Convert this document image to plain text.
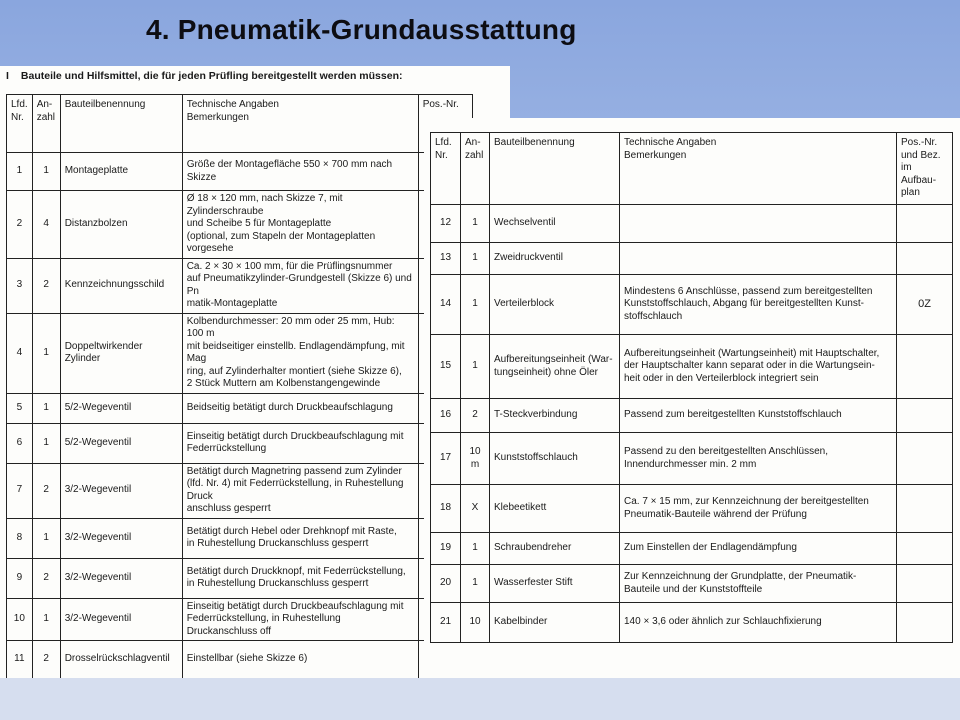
4. Pneumatik-Grundausstattung
I Bauteile und Hilfsmittel, die für jeden Prüfling bereitgestellt werden müssen:
Lfd.
Nr.	An-
zahl	Bauteilbenennung	Technische Angaben
Bemerkungen	Pos.-Nr.
1	1	Montageplatte	Größe der Montagefläche 550 × 700 mm nach Skizze	
2	4	Distanzbolzen	Ø 18 × 120 mm, nach Skizze 7, mit Zylinderschraube
und Scheibe 5 für Montageplatte
(optional, zum Stapeln der Montageplatten vorgesehe	
3	2	Kennzeichnungsschild	Ca. 2 × 30 × 100 mm, für die Prüflingsnummer
auf Pneumatikzylinder-Grundgestell (Skizze 6) und Pn
matik-Montageplatte	
4	1	Doppeltwirkender
Zylinder	Kolbendurchmesser: 20 mm oder 25 mm, Hub: 100 m
mit beidseitiger einstellb. Endlagendämpfung, mit Mag
ring, auf Zylinderhalter montiert (siehe Skizze 6),
2 Stück Muttern am Kolbenstangengewinde	
5	1	5/2-Wegeventil	Beidseitig betätigt durch Druckbeaufschlagung	
6	1	5/2-Wegeventil	Einseitig betätigt durch Druckbeaufschlagung mit
Federrückstellung	
7	2	3/2-Wegeventil	Betätigt durch Magnetring passend zum Zylinder
(lfd. Nr. 4) mit Federrückstellung, in Ruhestellung Druck
anschluss gesperrt	
8	1	3/2-Wegeventil	Betätigt durch Hebel oder Drehknopf mit Raste,
in Ruhestellung Druckanschluss gesperrt	
9	2	3/2-Wegeventil	Betätigt durch Druckknopf, mit Federrückstellung,
in Ruhestellung Druckanschluss gesperrt	
10	1	3/2-Wegeventil	Einseitig betätigt durch Druckbeaufschlagung mit
Federrückstellung, in Ruhestellung Druckanschluss off	
11	2	Drosselrückschlagventil	Einstellbar (siehe Skizze 6)	
Lfd.
Nr.	An-
zahl	Bauteilbenennung	Technische Angaben
Bemerkungen	Pos.-Nr.
und Bez.
im Aufbau-
plan
12	1	Wechselventil		
13	1	Zweidruckventil		
14	1	Verteilerblock	Mindestens 6 Anschlüsse, passend zum bereitgestellten
Kunststoffschlauch, Abgang für bereitgestellten Kunst-
stoffschlauch	0Z
15	1	Aufbereitungseinheit (War-
tungseinheit) ohne Öler	Aufbereitungseinheit (Wartungseinheit) mit Hauptschalter,
der Hauptschalter kann separat oder in die Wartungsein-
heit oder in den Verteilerblock integriert sein	
16	2	T-Steckverbindung	Passend zum bereitgestellten Kunststoffschlauch	
17	10 m	Kunststoffschlauch	Passend zu den bereitgestellten Anschlüssen,
Innendurchmesser min. 2 mm	
18	X	Klebeetikett	Ca. 7 × 15 mm, zur Kennzeichnung der bereitgestellten
Pneumatik-Bauteile während der Prüfung	
19	1	Schraubendreher	Zum Einstellen der Endlagendämpfung	
20	1	Wasserfester Stift	Zur Kennzeichnung der Grundplatte, der Pneumatik-
Bauteile und der Kunststoffteile	
21	10	Kabelbinder	140 × 3,6 oder ähnlich zur Schlauchfixierung	
